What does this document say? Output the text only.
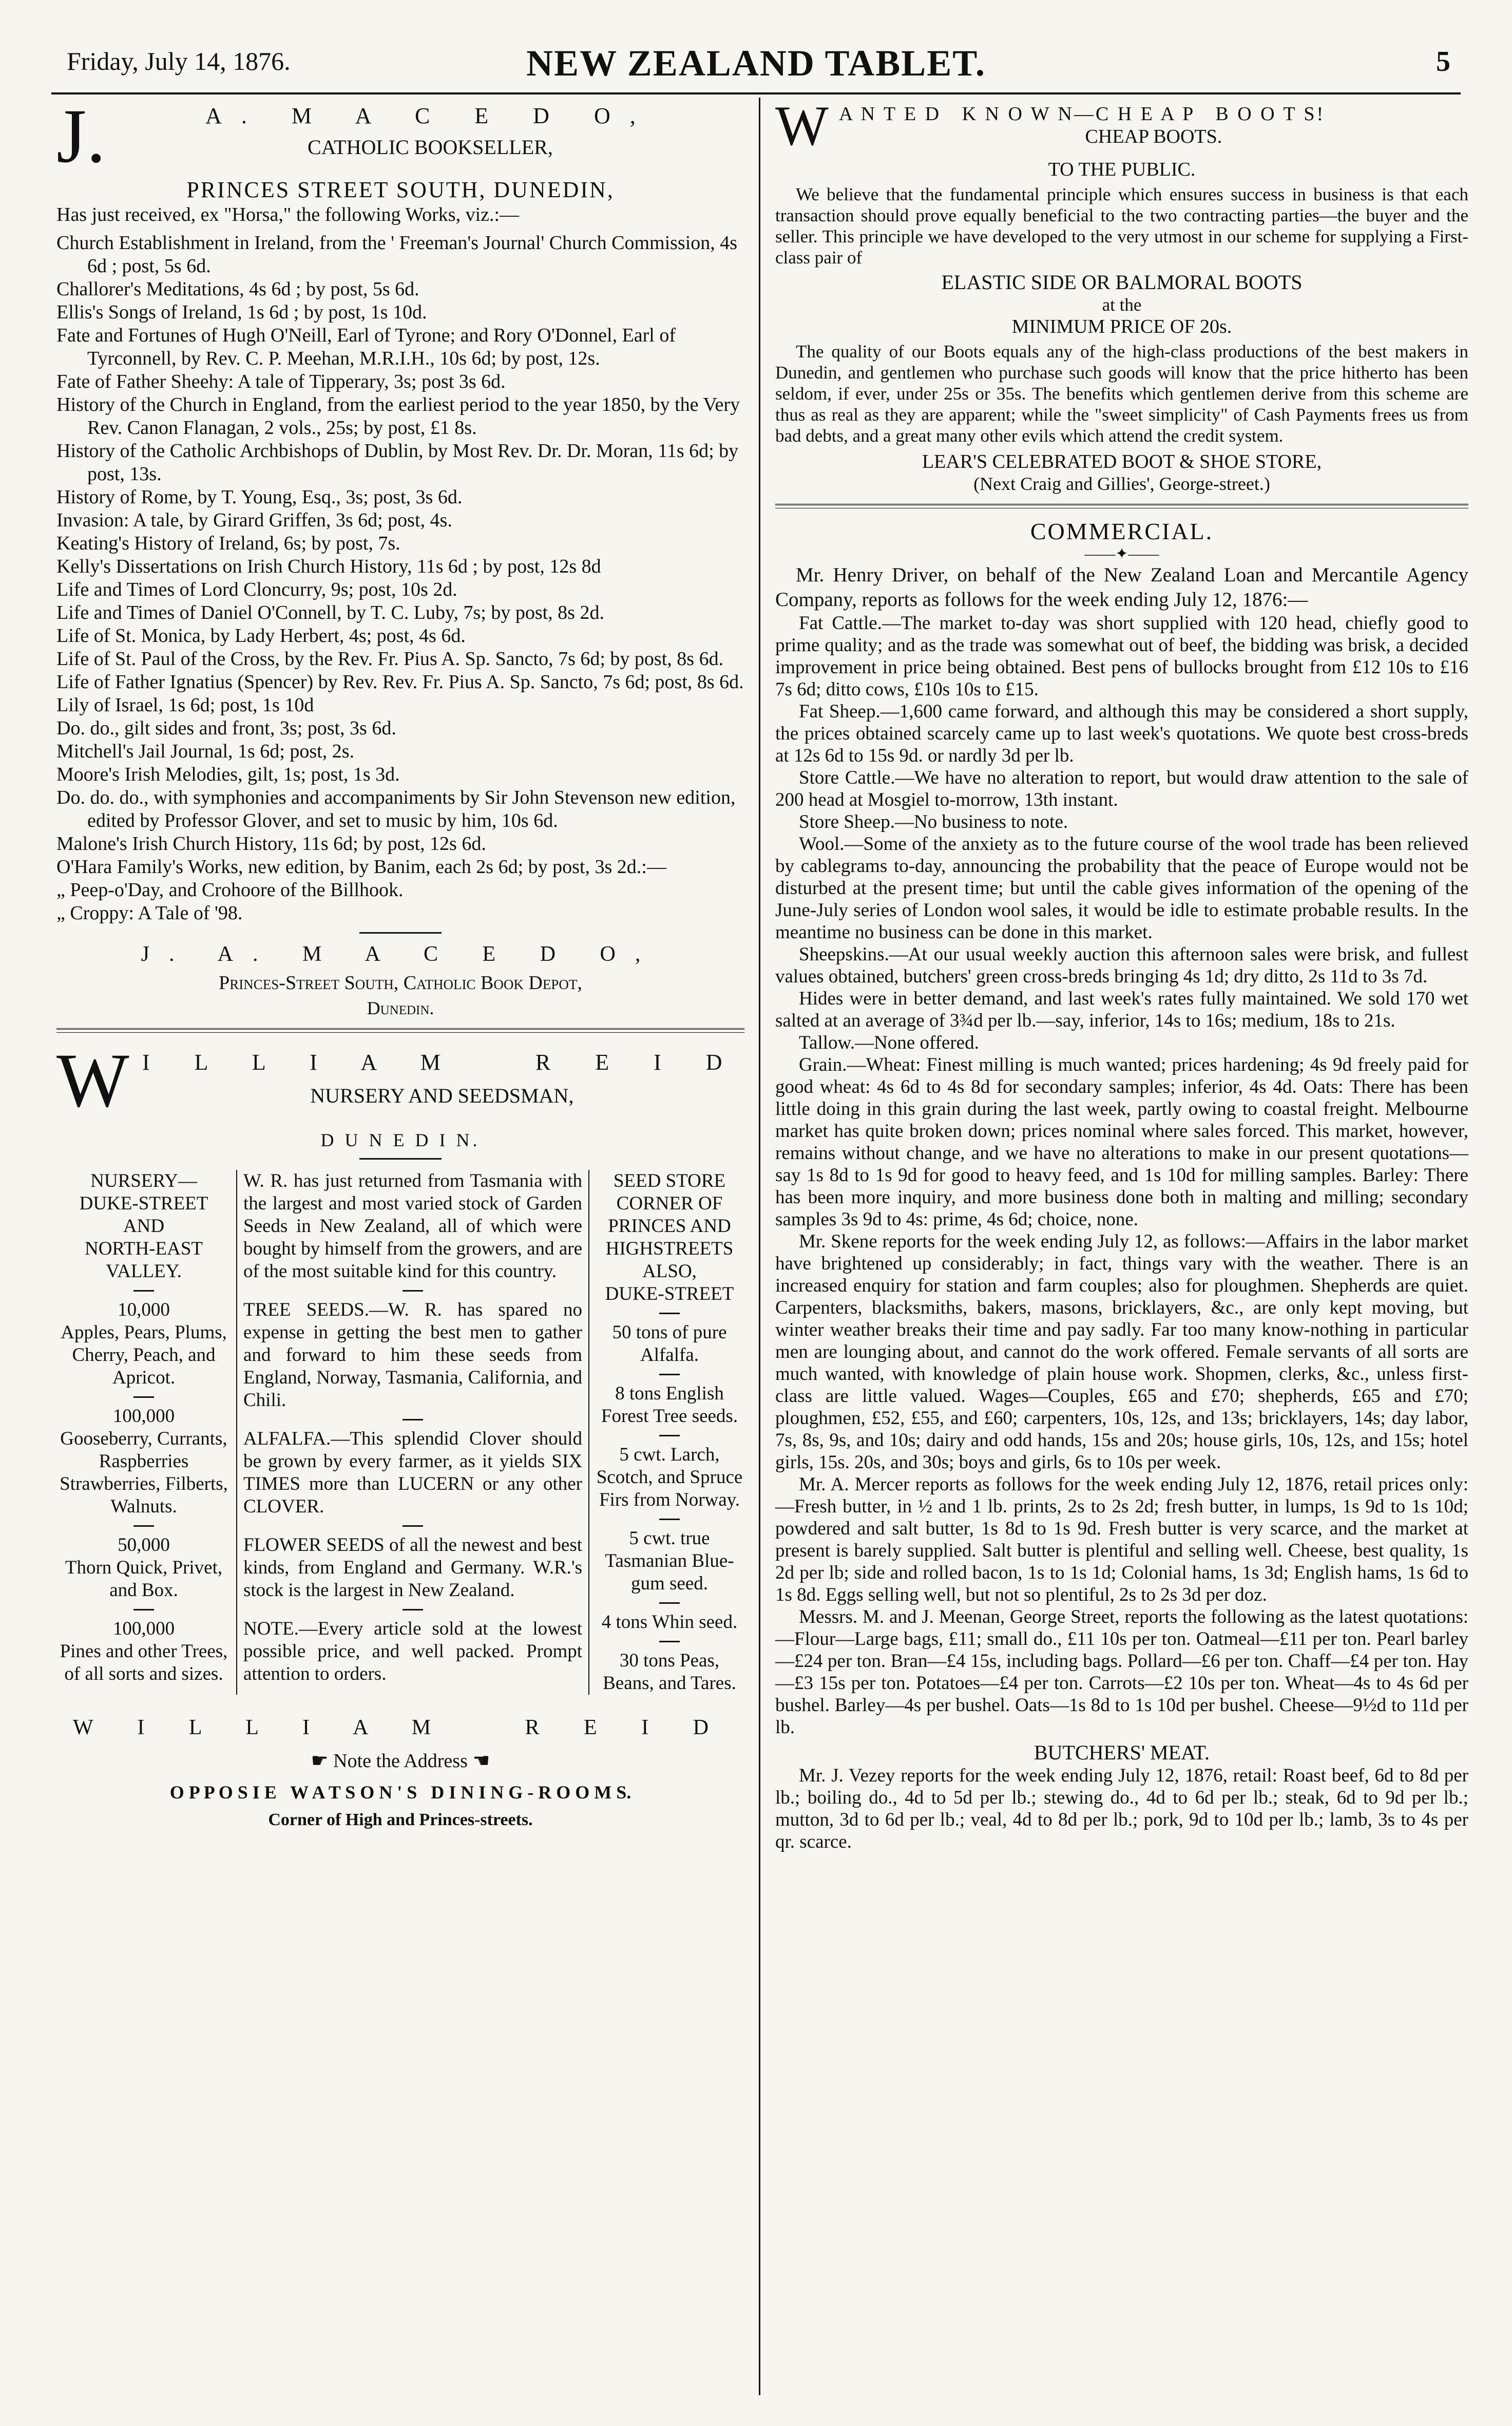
Friday, July 14, 1876.	NEW ZEALAND TABLET.	5
J.	A. M A C E D O,
CATHOLIC BOOKSELLER,
PRINCES STREET SOUTH, DUNEDIN,

Has just received, ex "Horsa," the following Works, viz.:—

Church Establishment in Ireland, from the ' Freeman's Journal' Church Commission, 4s 6d ; post, 5s 6d.
Challorer's Meditations, 4s 6d ; by post, 5s 6d.
Ellis's Songs of Ireland, 1s 6d ; by post, 1s 10d.
Fate and Fortunes of Hugh O'Neill, Earl of Tyrone; and Rory O'Donnel, Earl of Tyrconnell, by Rev. C. P. Meehan, M.R.I.H., 10s 6d; by post, 12s.
Fate of Father Sheehy: A tale of Tipperary, 3s; post 3s 6d.
History of the Church in England, from the earliest period to the year 1850, by the Very Rev. Canon Flanagan, 2 vols., 25s; by post, £1 8s.
History of the Catholic Archbishops of Dublin, by Most Rev. Dr. Dr. Moran, 11s 6d; by post, 13s.
History of Rome, by T. Young, Esq., 3s; post, 3s 6d.
Invasion: A tale, by Girard Griffen, 3s 6d; post, 4s.
Keating's History of Ireland, 6s; by post, 7s.
Kelly's Dissertations on Irish Church History, 11s 6d ; by post, 12s 8d
Life and Times of Lord Cloncurry, 9s; post, 10s 2d.
Life and Times of Daniel O'Connell, by T. C. Luby, 7s; by post, 8s 2d.
Life of St. Monica, by Lady Herbert, 4s; post, 4s 6d.
Life of St. Paul of the Cross, by the Rev. Fr. Pius A. Sp. Sancto, 7s 6d; by post, 8s 6d.
Life of Father Ignatius (Spencer) by Rev. Rev. Fr. Pius A. Sp. Sancto, 7s 6d; post, 8s 6d.
Lily of Israel, 1s 6d; post, 1s 10d
Do. do., gilt sides and front, 3s; post, 3s 6d.
Mitchell's Jail Journal, 1s 6d; post, 2s.
Moore's Irish Melodies, gilt, 1s; post, 1s 3d.
Do. do. do., with symphonies and accompaniments by Sir John Stevenson new edition, edited by Professor Glover, and set to music by him, 10s 6d.
Malone's Irish Church History, 11s 6d; by post, 12s 6d.
O'Hara Family's Works, new edition, by Banim, each 2s 6d; by post, 3s 2d.:—
„ Peep-o'Day, and Crohoore of the Billhook.
„ Croppy: A Tale of '98.
J. A. M A C E D O,
Princes-Street South, Catholic Book Depot,
Dunedin.
W I L L I A M   R E I D
NURSERY AND SEEDSMAN,
D U N E D I N.
NURSERY—
DUKE-STREET
AND
NORTH-EAST
VALLEY.
10,000
Apples, Pears, Plums, Cherry, Peach, and Apricot.
100,000
Gooseberry, Currants, Raspberries Strawberries, Filberts, Walnuts.
50,000
Thorn Quick, Privet, and Box.
100,000
Pines and other Trees, of all sorts and sizes.

W. R. has just returned from Tasmania with the largest and most varied stock of Garden Seeds in New Zealand, all of which were bought by himself from the growers, and are of the most suitable kind for this country.

TREE SEEDS.—W. R. has spared no expense in getting the best men to gather and forward to him these seeds from England, Norway, Tasmania, California, and Chili.

ALFALFA.—This splendid Clover should be grown by every farmer, as it yields SIX TIMES more than LUCERN or any other CLOVER.

FLOWER SEEDS of all the newest and best kinds, from England and Germany. W.R.'s stock is the largest in New Zealand.

NOTE.—Every article sold at the lowest possible price, and well packed. Prompt attention to orders.

SEED STORE
CORNER OF
PRINCES AND
HIGHSTREETS
ALSO,
DUKE-STREET
50 tons of pure Alfalfa.
8 tons English Forest Tree seeds.
5 cwt. Larch, Scotch, and Spruce Firs from Norway.
5 cwt. true Tasmanian Blue-gum seed.
4 tons Whin seed.
30 tons Peas, Beans, and Tares.
W I L L I A M   R E I D
☛ Note the Address ☚
O P P O S I E   W A T S O N ' S   D I N I N G - R O O M S.
Corner of High and Princes-streets.
W A N T E D   K N O W N—C H E A P   B O O T S!
CHEAP BOOTS.
TO THE PUBLIC.

We believe that the fundamental principle which ensures success in business is that each transaction should prove equally beneficial to the two contracting parties—the buyer and the seller. This principle we have developed to the very utmost in our scheme for supplying a First-class pair of

ELASTIC SIDE OR BALMORAL BOOTS
at the
MINIMUM PRICE OF 20s.

The quality of our Boots equals any of the high-class productions of the best makers in Dunedin, and gentlemen who purchase such goods will know that the price hitherto has been seldom, if ever, under 25s or 35s. The benefits which gentlemen derive from this scheme are thus as real as they are apparent; while the "sweet simplicity" of Cash Payments frees us from bad debts, and a great many other evils which attend the credit system.

LEAR'S CELEBRATED BOOT & SHOE STORE,
(Next Craig and Gillies', George-street.)
COMMERCIAL.
——✦——

Mr. Henry Driver, on behalf of the New Zealand Loan and Mercantile Agency Company, reports as follows for the week ending July 12, 1876:—

Fat Cattle.—The market to-day was short supplied with 120 head, chiefly good to prime quality; and as the trade was somewhat out of beef, the bidding was brisk, a decided improvement in price being obtained. Best pens of bullocks brought from £12 10s to £16 7s 6d; ditto cows, £10s 10s to £15.

Fat Sheep.—1,600 came forward, and although this may be considered a short supply, the prices obtained scarcely came up to last week's quotations. We quote best cross-breds at 12s 6d to 15s 9d. or nardly 3d per lb.

Store Cattle.—We have no alteration to report, but would draw attention to the sale of 200 head at Mosgiel to-morrow, 13th instant.

Store Sheep.—No business to note.

Wool.—Some of the anxiety as to the future course of the wool trade has been relieved by cablegrams to-day, announcing the probability that the peace of Europe would not be disturbed at the present time; but until the cable gives information of the opening of the June-July series of London wool sales, it would be idle to estimate probable results. In the meantime no business can be done in this market.

Sheepskins.—At our usual weekly auction this afternoon sales were brisk, and fullest values obtained, butchers' green cross-breds bringing 4s 1d; dry ditto, 2s 11d to 3s 7d.

Hides were in better demand, and last week's rates fully maintained. We sold 170 wet salted at an average of 3¾d per lb.—say, inferior, 14s to 16s; medium, 18s to 21s.

Tallow.—None offered.

Grain.—Wheat: Finest milling is much wanted; prices hardening; 4s 9d freely paid for good wheat: 4s 6d to 4s 8d for secondary samples; inferior, 4s 4d. Oats: There has been little doing in this grain during the last week, partly owing to coastal freight. Melbourne market has quite broken down; prices nominal where sales forced. This market, however, remains without change, and we have no alterations to make in our present quotations—say 1s 8d to 1s 9d for good to heavy feed, and 1s 10d for milling samples. Barley: There has been more inquiry, and more business done both in malting and milling; secondary samples 3s 9d to 4s: prime, 4s 6d; choice, none.

Mr. Skene reports for the week ending July 12, as follows:—Affairs in the labor market have brightened up considerably; in fact, things vary with the weather. There is an increased enquiry for station and farm couples; also for ploughmen. Shepherds are quiet. Carpenters, blacksmiths, bakers, masons, bricklayers, &c., are only kept moving, but winter weather breaks their time and pay sadly. Far too many know-nothing in particular men are lounging about, and cannot do the work offered. Female servants of all sorts are much wanted, with knowledge of plain house work. Shopmen, clerks, &c., unless first-class are little valued. Wages—Couples, £65 and £70; shepherds, £65 and £70; ploughmen, £52, £55, and £60; carpenters, 10s, 12s, and 13s; bricklayers, 14s; day labor, 7s, 8s, 9s, and 10s; dairy and odd hands, 15s and 20s; house girls, 10s, 12s, and 15s; hotel girls, 15s. 20s, and 30s; boys and girls, 6s to 10s per week.

Mr. A. Mercer reports as follows for the week ending July 12, 1876, retail prices only:—Fresh butter, in ½ and 1 lb. prints, 2s to 2s 2d; fresh butter, in lumps, 1s 9d to 1s 10d; powdered and salt butter, 1s 8d to 1s 9d. Fresh butter is very scarce, and the market at present is barely supplied. Salt butter is plentiful and selling well. Cheese, best quality, 1s 2d per lb; side and rolled bacon, 1s to 1s 1d; Colonial hams, 1s 3d; English hams, 1s 6d to 1s 8d. Eggs selling well, but not so plentiful, 2s to 2s 3d per doz.

Messrs. M. and J. Meenan, George Street, reports the following as the latest quotations:—Flour—Large bags, £11; small do., £11 10s per ton. Oatmeal—£11 per ton. Pearl barley—£24 per ton. Bran—£4 15s, including bags. Pollard—£6 per ton. Chaff—£4 per ton. Hay—£3 15s per ton. Potatoes—£4 per ton. Carrots—£2 10s per ton. Wheat—4s to 4s 6d per bushel. Barley—4s per bushel. Oats—1s 8d to 1s 10d per bushel. Cheese—9½d to 11d per lb.

BUTCHERS' MEAT.

Mr. J. Vezey reports for the week ending July 12, 1876, retail: Roast beef, 6d to 8d per lb.; boiling do., 4d to 5d per lb.; stewing do., 4d to 6d per lb.; steak, 6d to 9d per lb.; mutton, 3d to 6d per lb.; veal, 4d to 8d per lb.; pork, 9d to 10d per lb.; lamb, 3s to 4s per qr. scarce.
